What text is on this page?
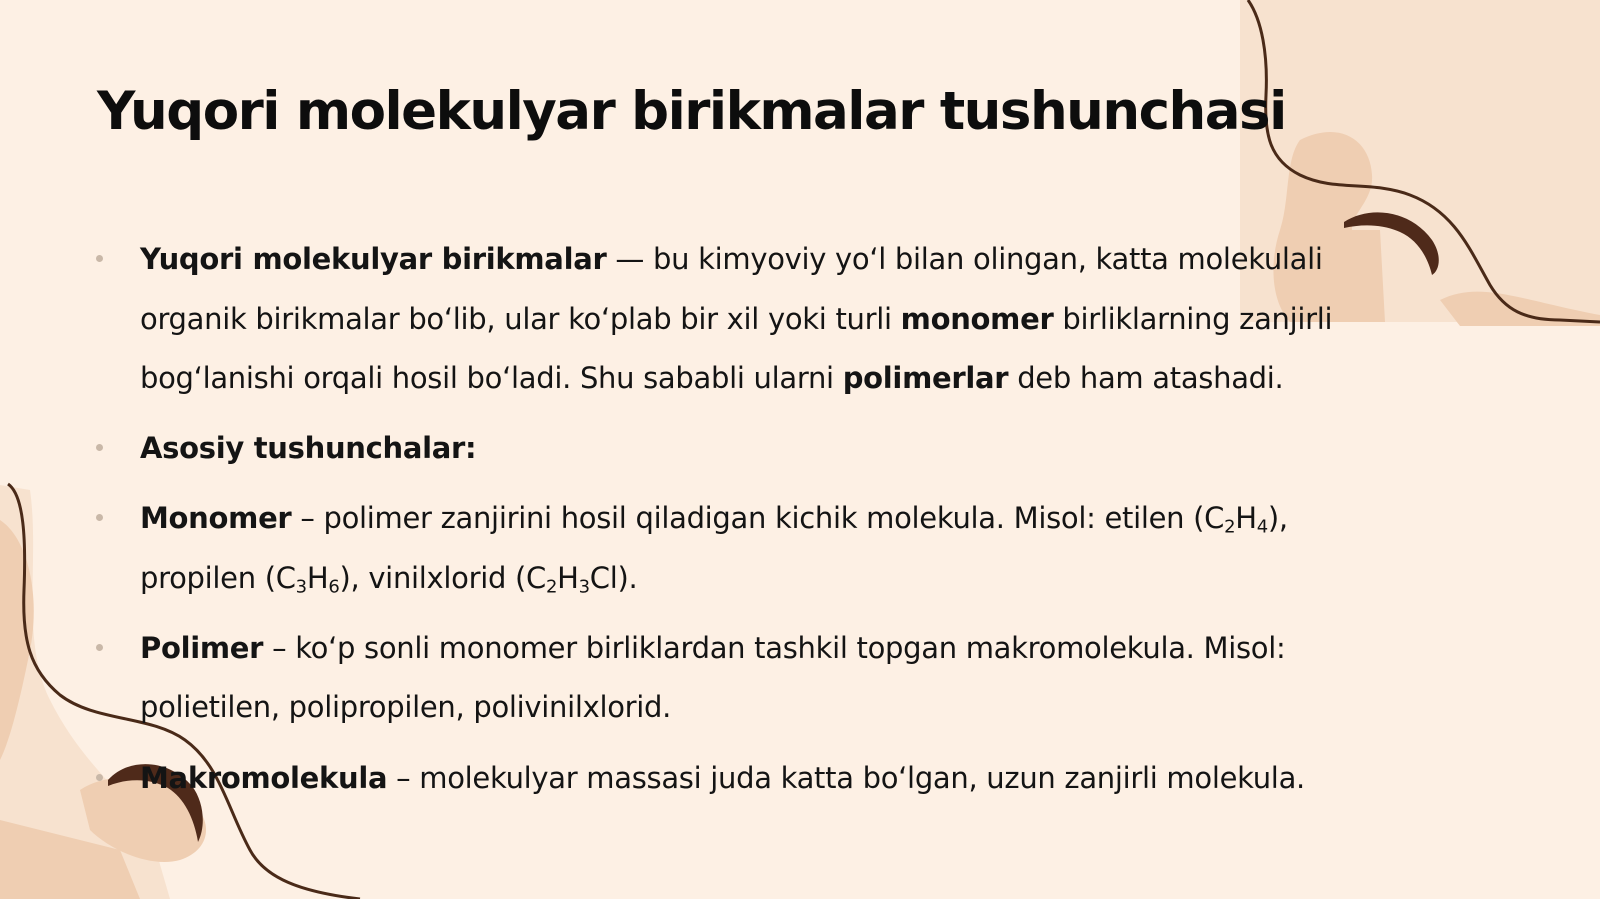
Yuqori molekulyar birikmalar tushunchasi
Yuqori molekulyar birikmalar — bu kimyoviy yoʻl bilan olingan, katta molekulali
organik birikmalar boʻlib, ular koʻplab bir xil yoki turli monomer birliklarning zanjirli
bogʻlanishi orqali hosil boʻladi. Shu sababli ularni polimerlar deb ham atashadi.
Asosiy tushunchalar:
Monomer – polimer zanjirini hosil qiladigan kichik molekula. Misol: etilen $(C_2H_4)$,
propilen $(C_3H_6)$, vinilxlorid $(C_2H_3Cl)$.
Polimer – koʻp sonli monomer birliklardan tashkil topgan makromolekula. Misol:
polietilen, polipropilen, polivinilxlorid.
Makromolekula – molekulyar massasi juda katta boʻlgan, uzun zanjirli molekula.
